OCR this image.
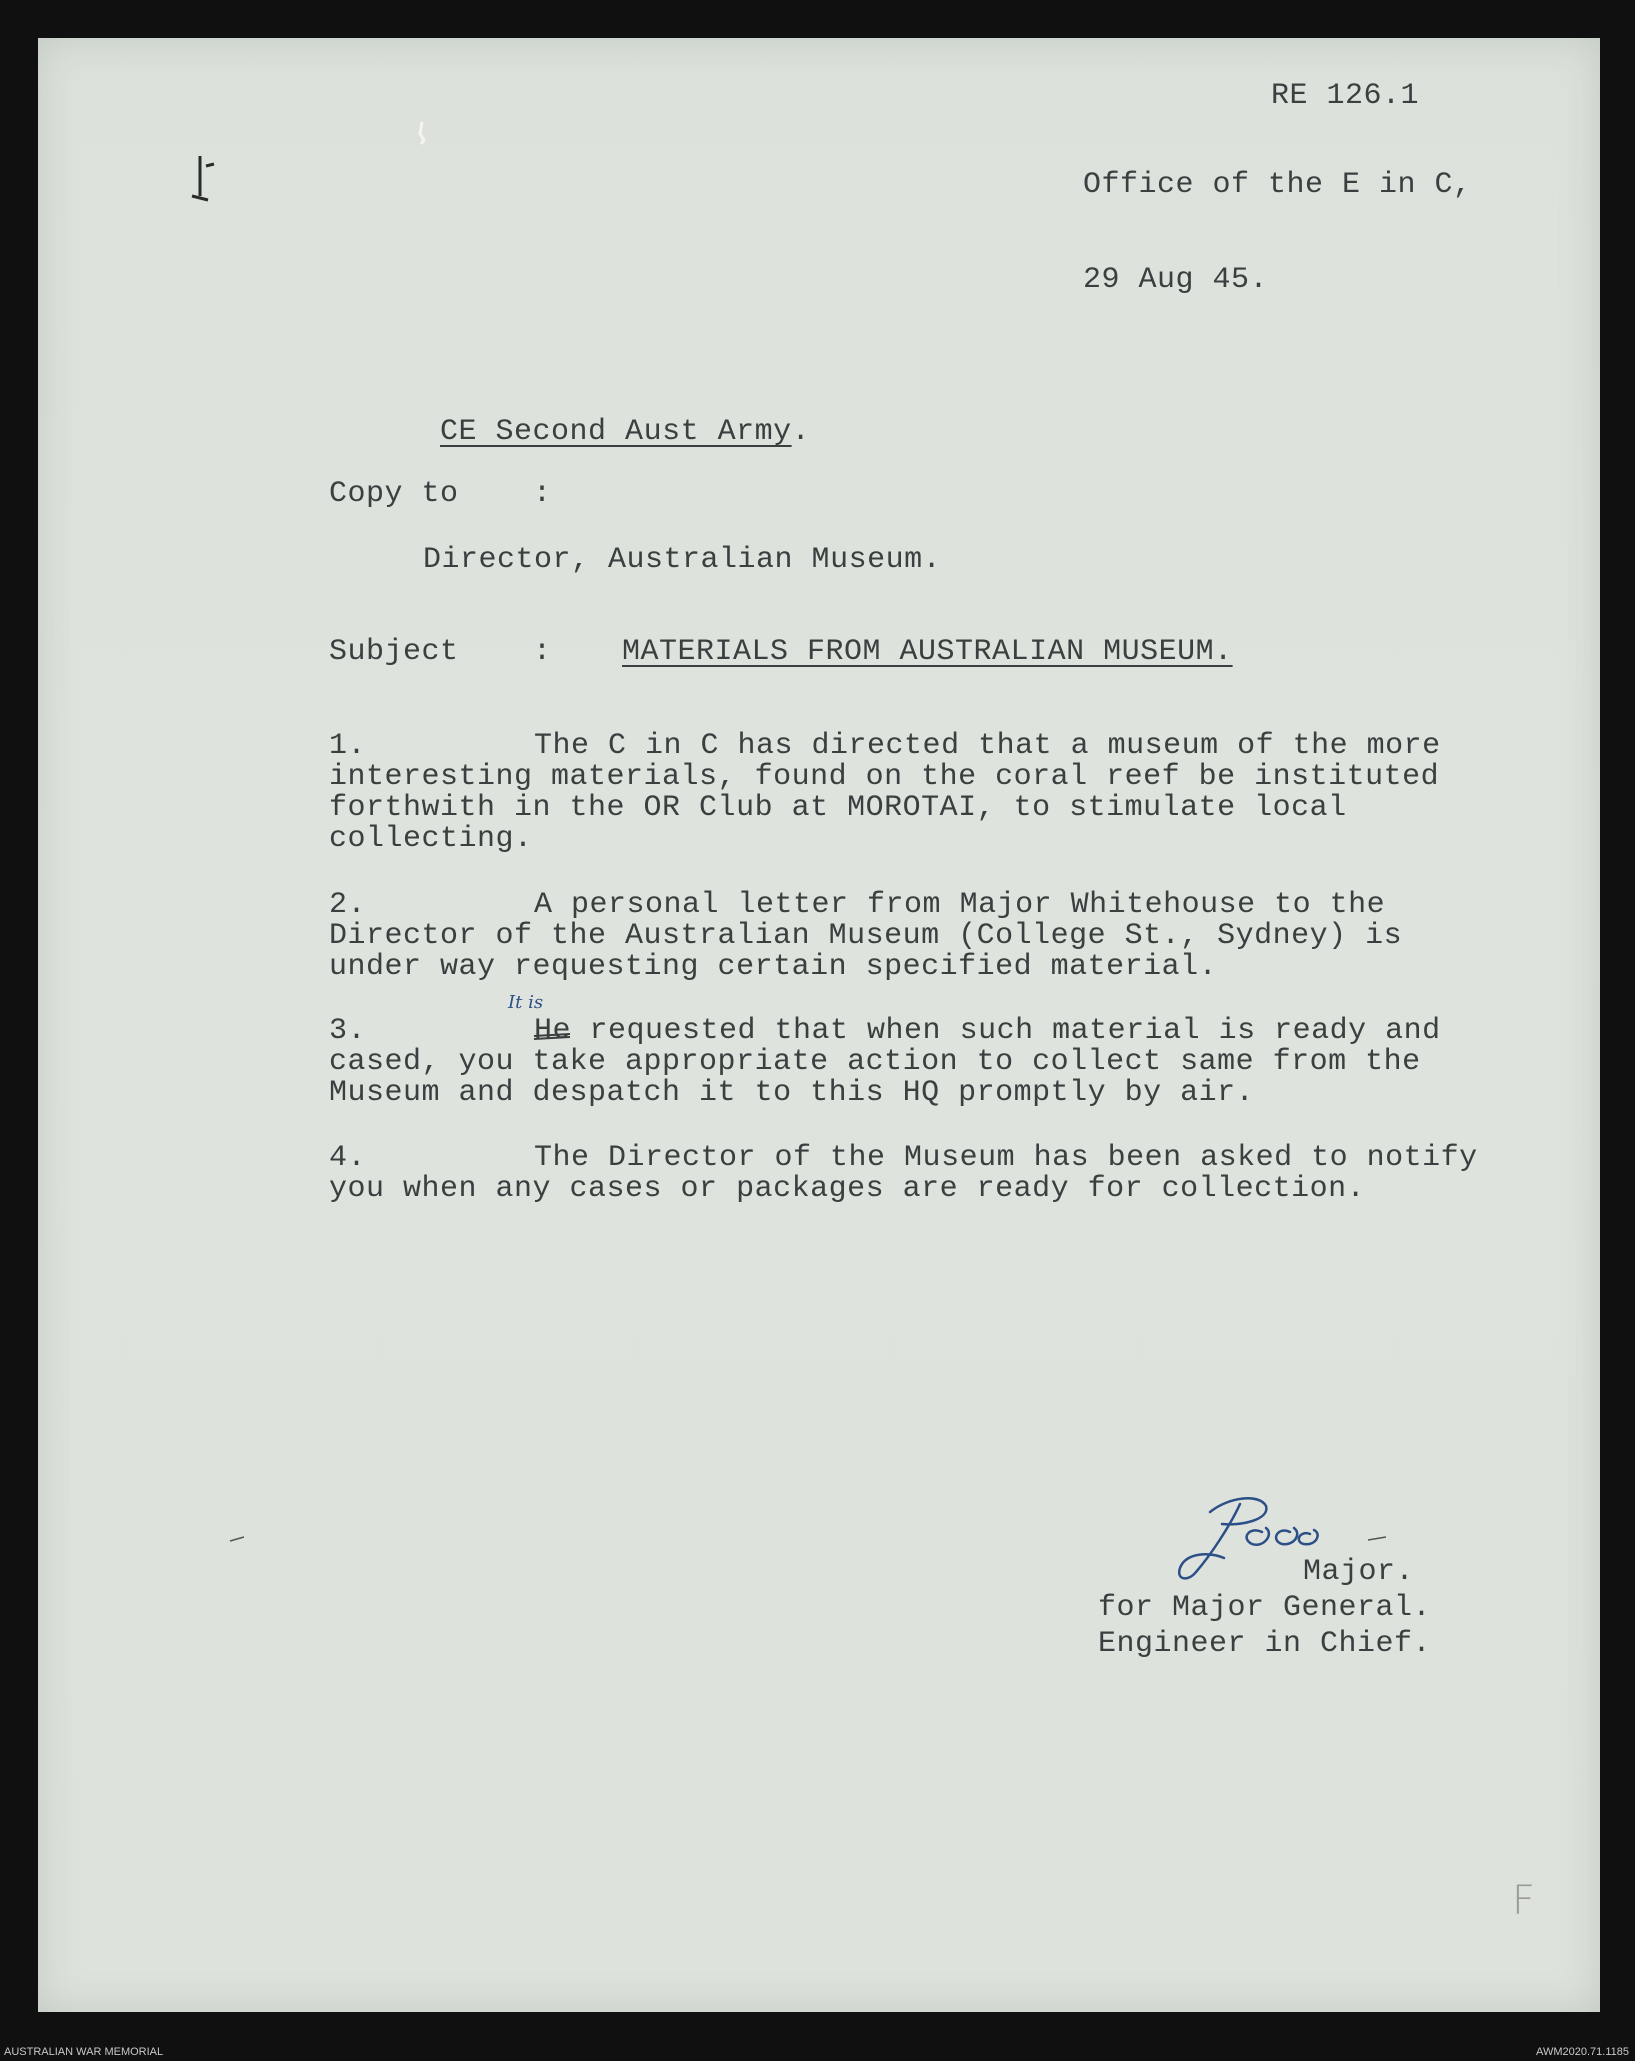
RE 126.1
Office of the E in C,
29 Aug 45.

CE Second Aust Army.

Copy to :
Director, Australian Museum.
Subject : MATERIALS FROM AUSTRALIAN MUSEUM.
1.	The C in C has directed that a museum of the more
interesting materials, found on the coral reef be instituted
forthwith in the OR Club at MOROTAI, to stimulate local
collecting.
2.	A personal letter from Major Whitehouse to the
Director of the Australian Museum (College St., Sydney) is
under way requesting certain specified material.
3.	He requested that when such material is ready and
cased, you take appropriate action to collect same from the
Museum and despatch it to this HQ promptly by air.
It is
4.	The Director of the Museum has been asked to notify
you when any cases or packages are ready for collection.
Major.
for Major General.
Engineer in Chief.
F
AUSTRALIAN WAR MEMORIAL	AWM2020.71.1185
